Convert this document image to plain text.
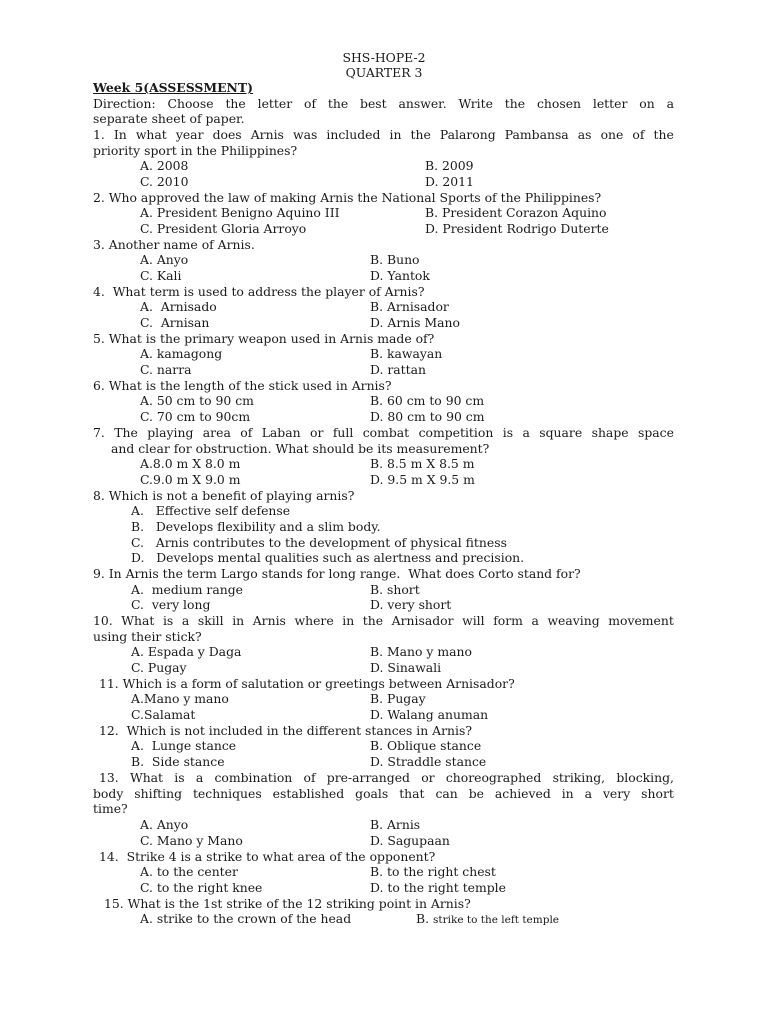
SHS-HOPE-2
QUARTER 3
Week 5(ASSESSMENT)
Direction: Choose the letter of the best answer. Write the chosen letter on a
separate sheet of paper.
1. In what year does Arnis was included in the Palarong Pambansa as one of the
priority sport in the Philippines?
A. 2008	B. 2009
C. 2010	D. 2011
2. Who approved the law of making Arnis the National Sports of the Philippines?
A. President Benigno Aquino III	B. President Corazon Aquino
C. President Gloria Arroyo	D. President Rodrigo Duterte
3. Another name of Arnis.
A. Anyo	B. Buno
C. Kali	D. Yantok
4.  What term is used to address the player of Arnis?
A.  Arnisado	B. Arnisador
C.  Arnisan	D. Arnis Mano
5. What is the primary weapon used in Arnis made of?
A. kamagong	B. kawayan
C. narra	D. rattan
6. What is the length of the stick used in Arnis?
A. 50 cm to 90 cm	B. 60 cm to 90 cm
C. 70 cm to 90cm	D. 80 cm to 90 cm
7. The playing area of Laban or full combat competition is a square shape space
and clear for obstruction. What should be its measurement?
A.8.0 m X 8.0 m	B. 8.5 m X 8.5 m
C.9.0 m X 9.0 m	D. 9.5 m X 9.5 m
8. Which is not a benefit of playing arnis?
A.   Effective self defense
B.   Develops flexibility and a slim body.
C.   Arnis contributes to the development of physical fitness
D.   Develops mental qualities such as alertness and precision.
9. In Arnis the term Largo stands for long range.  What does Corto stand for?
A.  medium range	B. short
C.  very long	D. very short
10. What is a skill in Arnis where in the Arnisador will form a weaving movement
using their stick?
A. Espada y Daga	B. Mano y mano
C. Pugay	D. Sinawali
11. Which is a form of salutation or greetings between Arnisador?
A.Mano y mano	B. Pugay
C.Salamat	D. Walang anuman
12.  Which is not included in the different stances in Arnis?
A.  Lunge stance	B. Oblique stance
B.  Side stance	D. Straddle stance
13. What is a combination of pre-arranged or choreographed striking, blocking,
body shifting techniques established goals that can be achieved in a very short
time?
A. Anyo	B. Arnis
C. Mano y Mano	D. Sagupaan
14.  Strike 4 is a strike to what area of the opponent?
A. to the center	B. to the right chest
C. to the right knee	D. to the right temple
15. What is the 1st strike of the 12 striking point in Arnis?
A. strike to the crown of the head	B. strike to the left temple
